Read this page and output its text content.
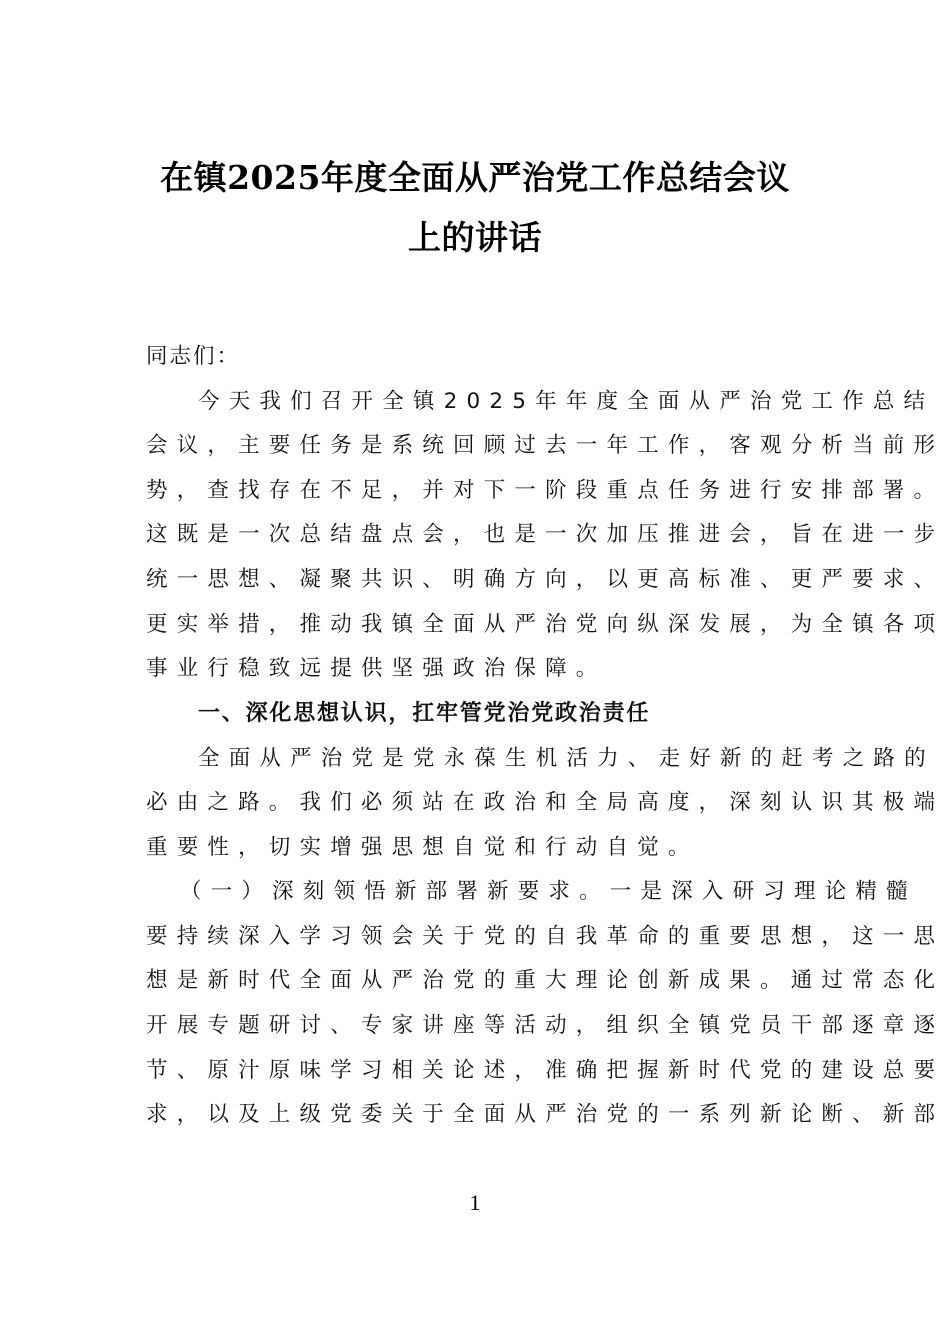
在镇2025年度全面从严治党工作总结会议
上的讲话
同志们：
今天我们召开全镇2025年年度全面从严治党工作总结
会议，主要任务是系统回顾过去一年工作，客观分析当前形
势，查找存在不足，并对下一阶段重点任务进行安排部署。
这既是一次总结盘点会，也是一次加压推进会，旨在进一步
统一思想、凝聚共识、明确方向，以更高标准、更严要求、
更实举措，推动我镇全面从严治党向纵深发展，为全镇各项
事业行稳致远提供坚强政治保障。
一、深化思想认识，扛牢管党治党政治责任
全面从严治党是党永葆生机活力、走好新的赶考之路的
必由之路。我们必须站在政治和全局高度，深刻认识其极端
重要性，切实增强思想自觉和行动自觉。
（一）深刻领悟新部署新要求。一是深入研习理论精髓
要持续深入学习领会关于党的自我革命的重要思想，这一思
想是新时代全面从严治党的重大理论创新成果。通过常态化
开展专题研讨、专家讲座等活动，组织全镇党员干部逐章逐
节、原汁原味学习相关论述，准确把握新时代党的建设总要
求，以及上级党委关于全面从严治党的一系列新论断、新部
1
